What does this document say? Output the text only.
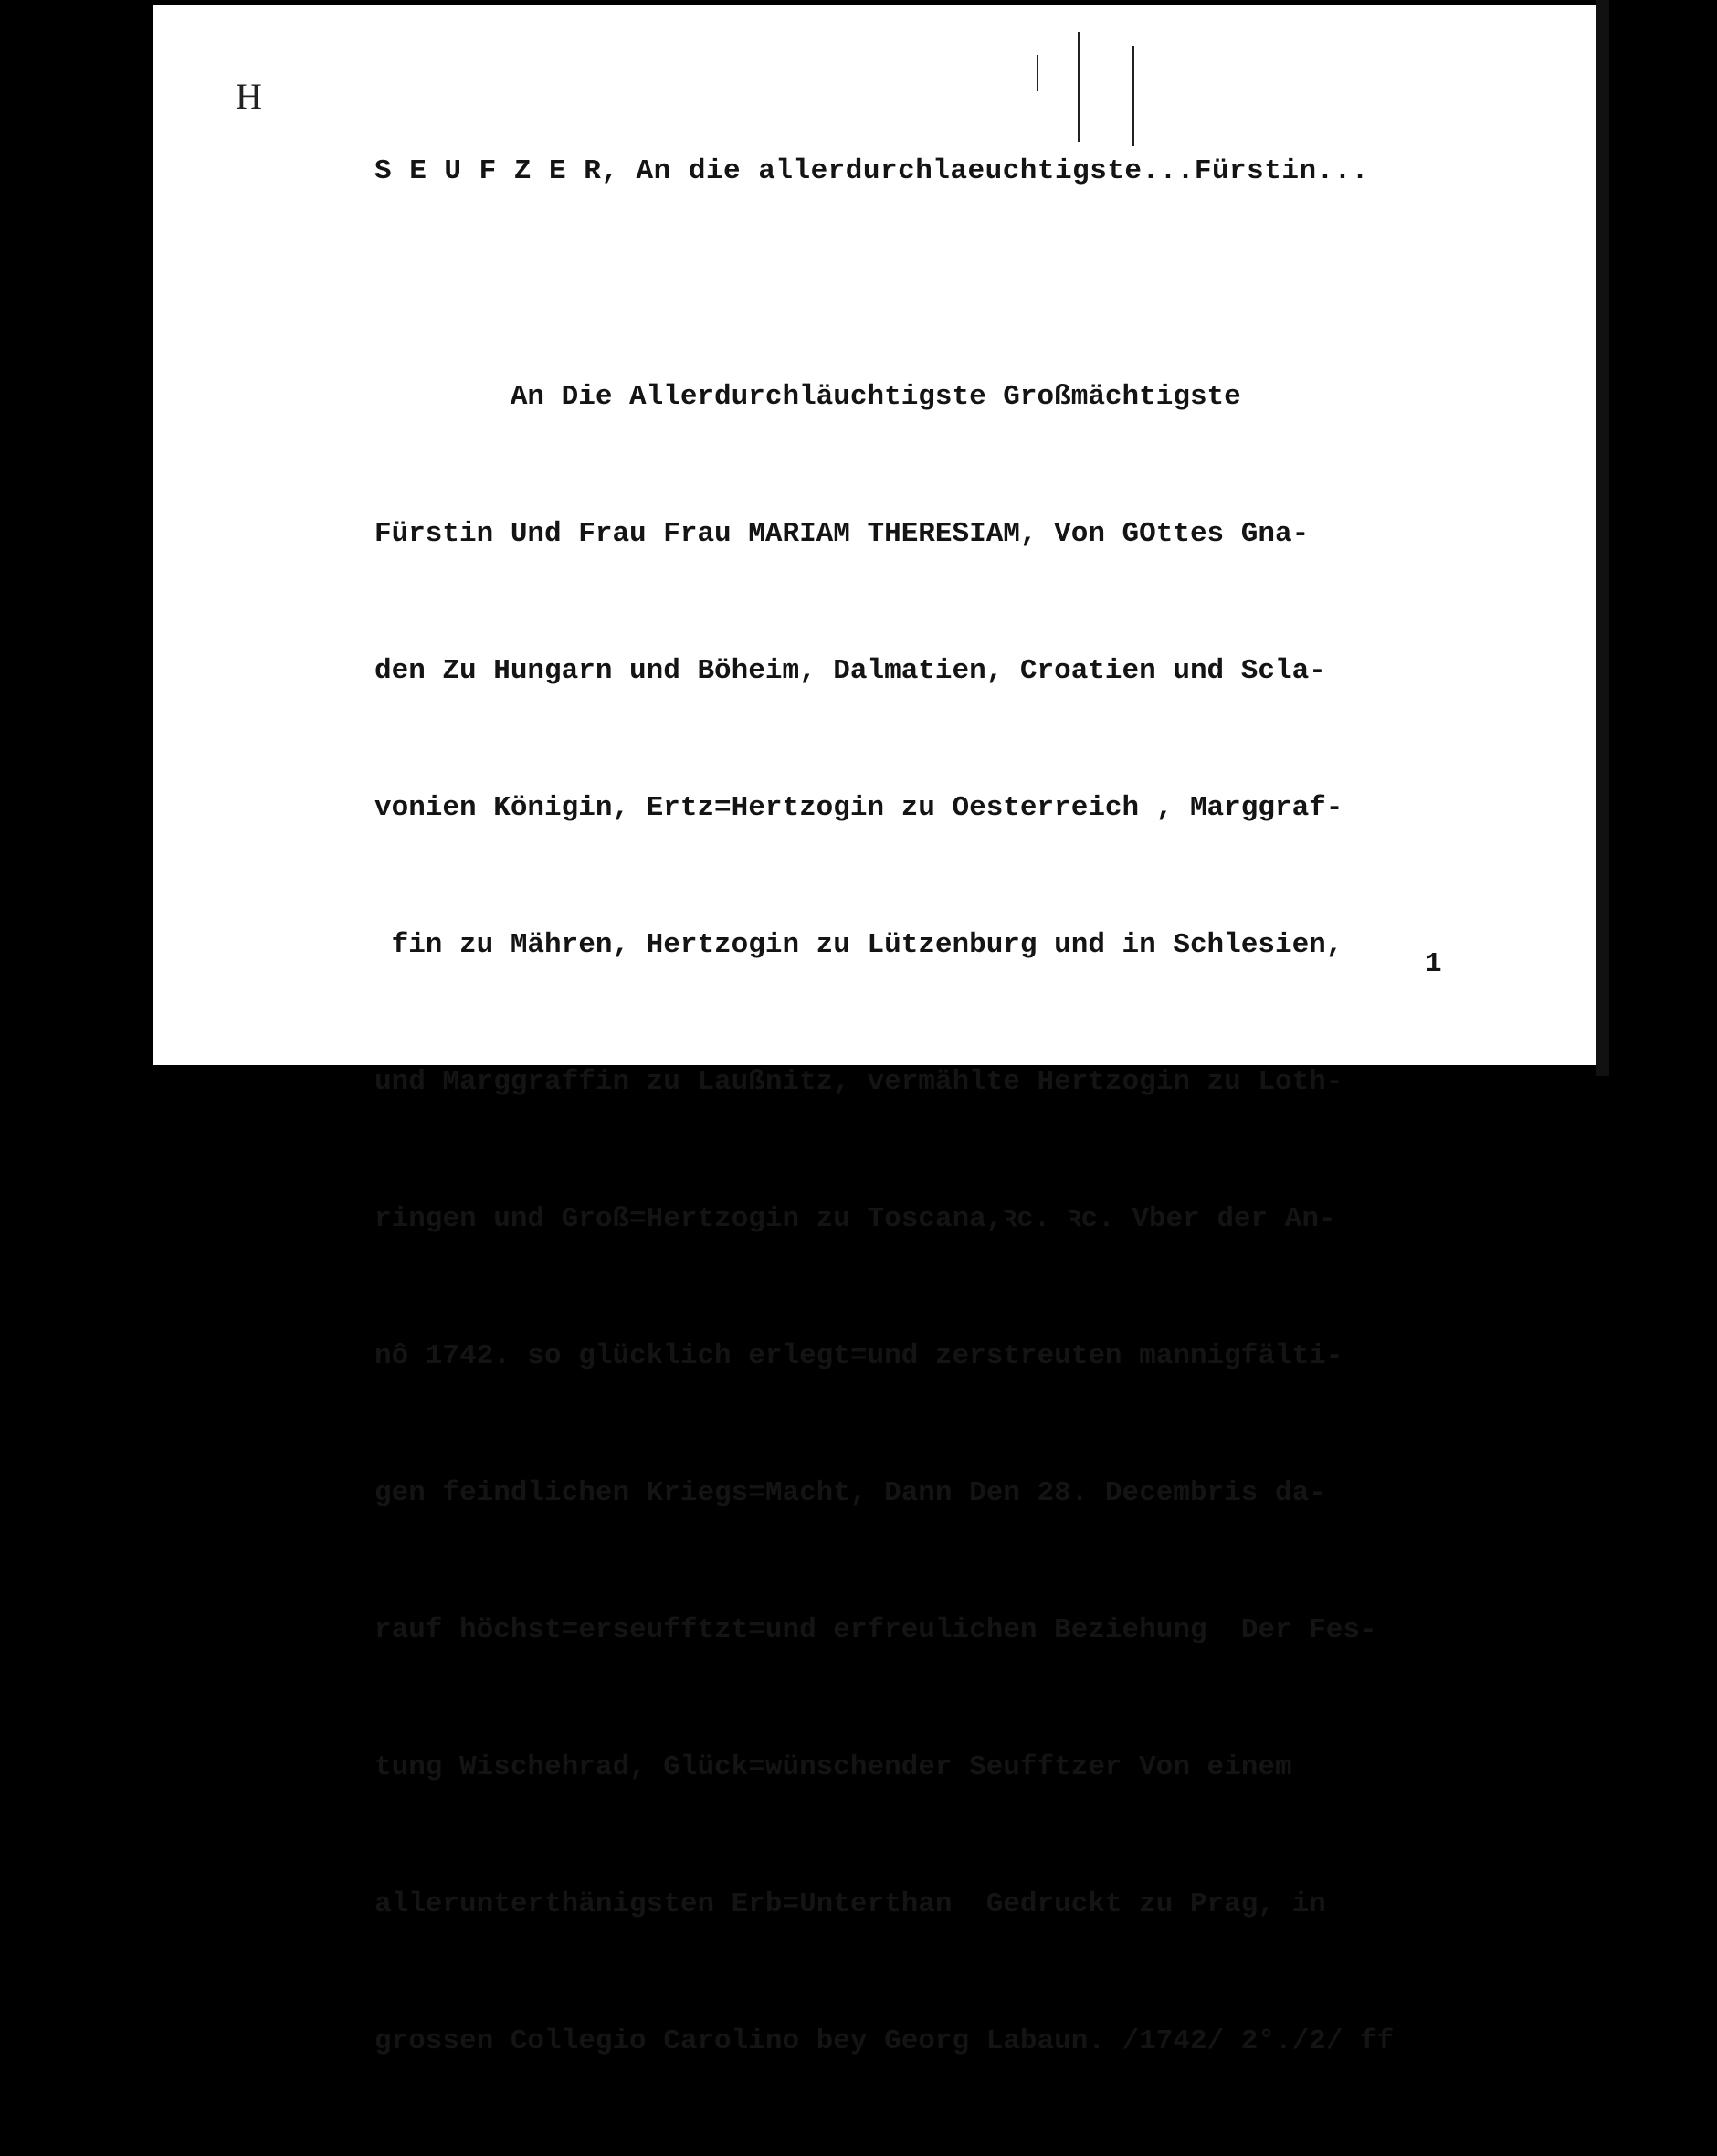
H
S E U F Z E R, An die allerdurchlaeuchtigste...Fürstin...

An Die Allerdurchläuchtigste Großmächtigste

Fürstin Und Frau Frau MARIAM THERESIAM, Von GOttes Gna-

den Zu Hungarn und Böheim, Dalmatien, Croatien und Scla-

vonien Königin, Ertz=Hertzogin zu Oesterreich , Marggraf-

fin zu Mähren, Hertzogin zu Lützenburg und in Schlesien,

und Marggraffin zu Laußnitz, vermählte Hertzogin zu Loth-

ringen und Groß=Hertzogin zu Toscana,ꝛc. ꝛc. Vber der An-

nô 1742. so glücklich erlegt=und zerstreuten mannigfälti-

gen feindlichen Kriegs=Macht, Dann Den 28. Decembris da-

rauf höchst=erseufftzt=und erfreulichen Beziehung  Der Fes-

tung Wischehrad, Glück=wünschender Seufftzer Von einem

allerunterthänigsten Erb=Unterthan  Gedruckt zu Prag, in

grossen Collegio Carolino bey Georg Labaun. /1742/ 2°./2/ ff

1
